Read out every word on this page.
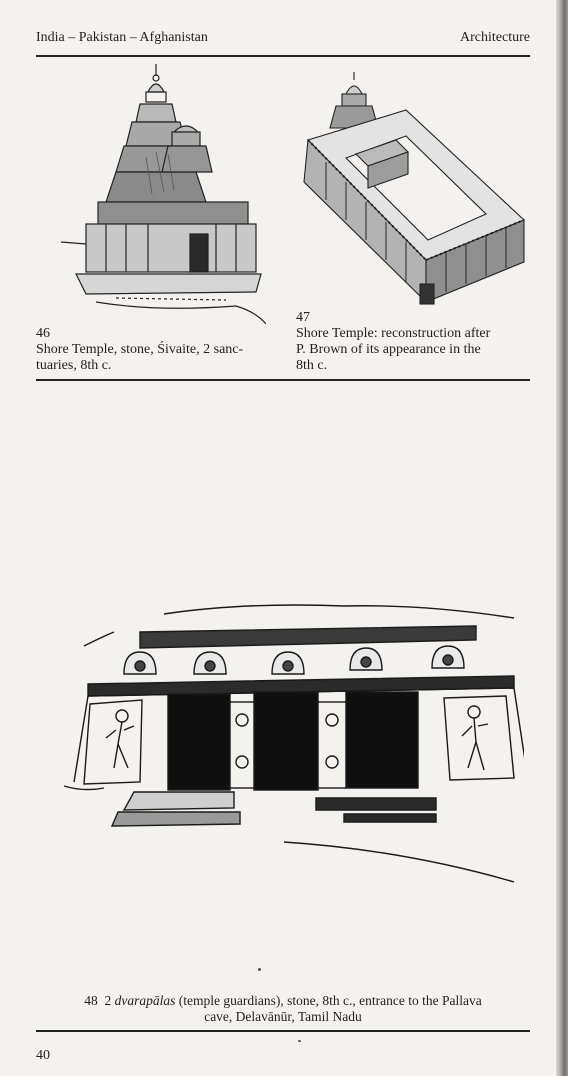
India – Pakistan – Afghanistan	Architecture
46
Shore Temple, stone, Śivaite, 2 sanc-
tuaries, 8th c.
47
Shore Temple: reconstruction after
P. Brown of its appearance in the
8th c.
48 2 dvarapālas (temple guardians), stone, 8th c., entrance to the Pallava
cave, Delavānūr, Tamil Nadu
40
